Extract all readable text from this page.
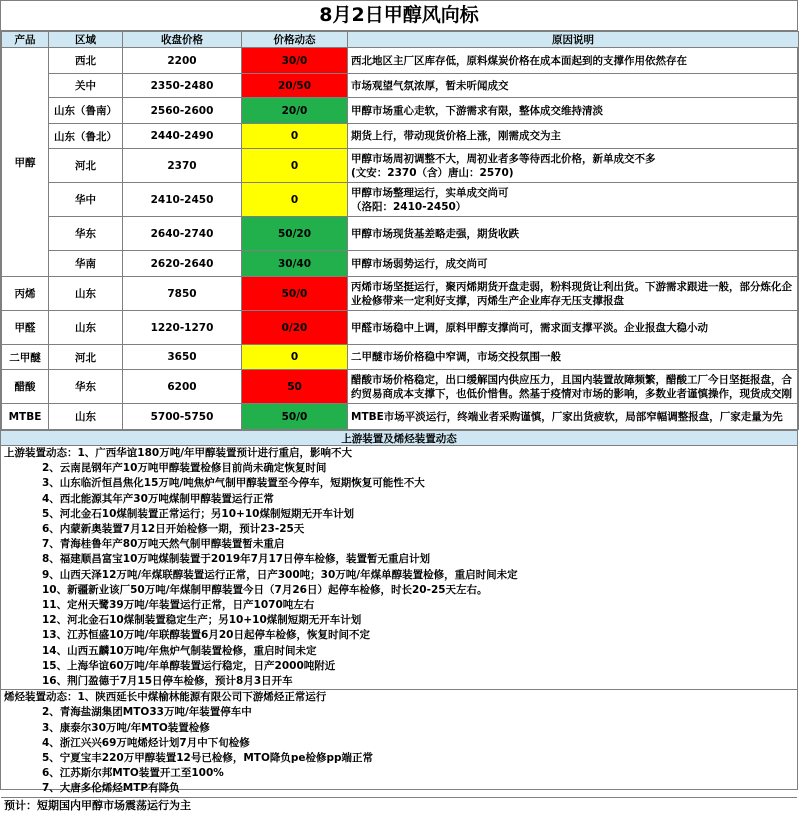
8月2日甲醇风向标
产品	区域	收盘价格	价格动态	原因说明
甲醇	西北	2200	30/0	西北地区主厂区库存低，原料煤炭价格在成本面起到的支撑作用依然存在

	关中	2350-2480	20/50	市场观望气氛浓厚，暂未听闻成交

	山东（鲁南）	2560-2600	20/0	甲醇市场重心走软，下游需求有限，整体成交维持清淡

	山东（鲁北）	2440-2490	0	期货上行，带动现货价格上涨，刚需成交为主

	河北	2370	0	甲醇市场周初调整不大，周初业者多等待西北价格，新单成交不多
(文安：2370（含）唐山：2570)

	华中	2410-2450	0	甲醇市场整理运行，实单成交尚可
（洛阳：2410-2450）

	华东	2640-2740	50/20	甲醇市场现货基差略走强，期货收跌

	华南	2620-2640	30/40	甲醇市场弱势运行，成交尚可

丙烯	山东	7850	50/0	丙烯市场坚挺运行，聚丙烯期货开盘走弱，粉料现货让利出货。下游需求跟进一般，部分炼化企
业检修带来一定利好支撑，丙烯生产企业库存无压支撑报盘

甲醛	山东	1220-1270	0/20	甲醛市场稳中上调，原料甲醇支撑尚可，需求面支撑平淡。企业报盘大稳小动

二甲醚	河北	3650	0	二甲醚市场价格稳中窄调，市场交投氛围一般

醋酸	华东	6200	50	醋酸市场价格稳定，出口缓解国内供应压力，且国内装置故障频繁，醋酸工厂今日坚挺报盘，合
约贸易商成本支撑下，也低价惜售。然基于疫情对市场的影响，多数业者谨慎操作，现货成交刚

MTBE	山东	5700-5750	50/0	MTBE市场平淡运行，终端业者采购谨慎，厂家出货疲软，局部窄幅调整报盘，厂家走量为先
上游装置及烯烃装置动态
上游装置动态：1、广西华谊180万吨/年甲醇装置预计进行重启，影响不大
2、云南昆钢年产10万吨甲醇装置检修目前尚未确定恢复时间
3、山东临沂恒昌焦化15万吨/吨焦炉气制甲醇装置至今停车，短期恢复可能性不大
4、西北能源其年产30万吨煤制甲醇装置运行正常
5、河北金石10煤制装置正常运行；另10+10煤制短期无开车计划
6、内蒙新奥装置7月12日开始检修一期，预计23-25天
7、青海桂鲁年产80万吨天然气制甲醇装置暂未重启
8、福建顺昌富宝10万吨煤制装置于2019年7月17日停车检修，装置暂无重启计划
9、山西天泽12万吨/年煤联醇装置运行正常，日产300吨；30万吨/年煤单醇装置检修，重启时间未定
10、新疆新业该厂50万吨/年煤制甲醇装置今日（7月26日）起停车检修，时长20-25天左右。
11、定州天鹭39万吨/年装置运行正常，日产1070吨左右
12、河北金石10煤制装置稳定生产；另10+10煤制短期无开车计划
13、江苏恒盛10万吨/年联醇装置6月20日起停车检修，恢复时间不定
14、山西五麟10万吨/年焦炉气制装置检修，重启时间未定
15、上海华谊60万吨/年单醇装置运行稳定，日产2000吨附近
16、荆门盈德于7月15日停车检修，预计8月3日开车
烯烃装置动态：1、陕西延长中煤榆林能源有限公司下游烯烃正常运行
2、青海盐湖集团MTO33万吨/年装置停车中
3、康泰尔30万吨/年MTO装置检修
4、浙江兴兴69万吨烯烃计划7月中下旬检修
5、宁夏宝丰220万甲醇装置12号已检修，MTO降负pe检修pp端正常
6、江苏斯尔邦MTO装置开工至100%
7、大唐多伦烯烃MTP有降负
预计：短期国内甲醇市场震荡运行为主
